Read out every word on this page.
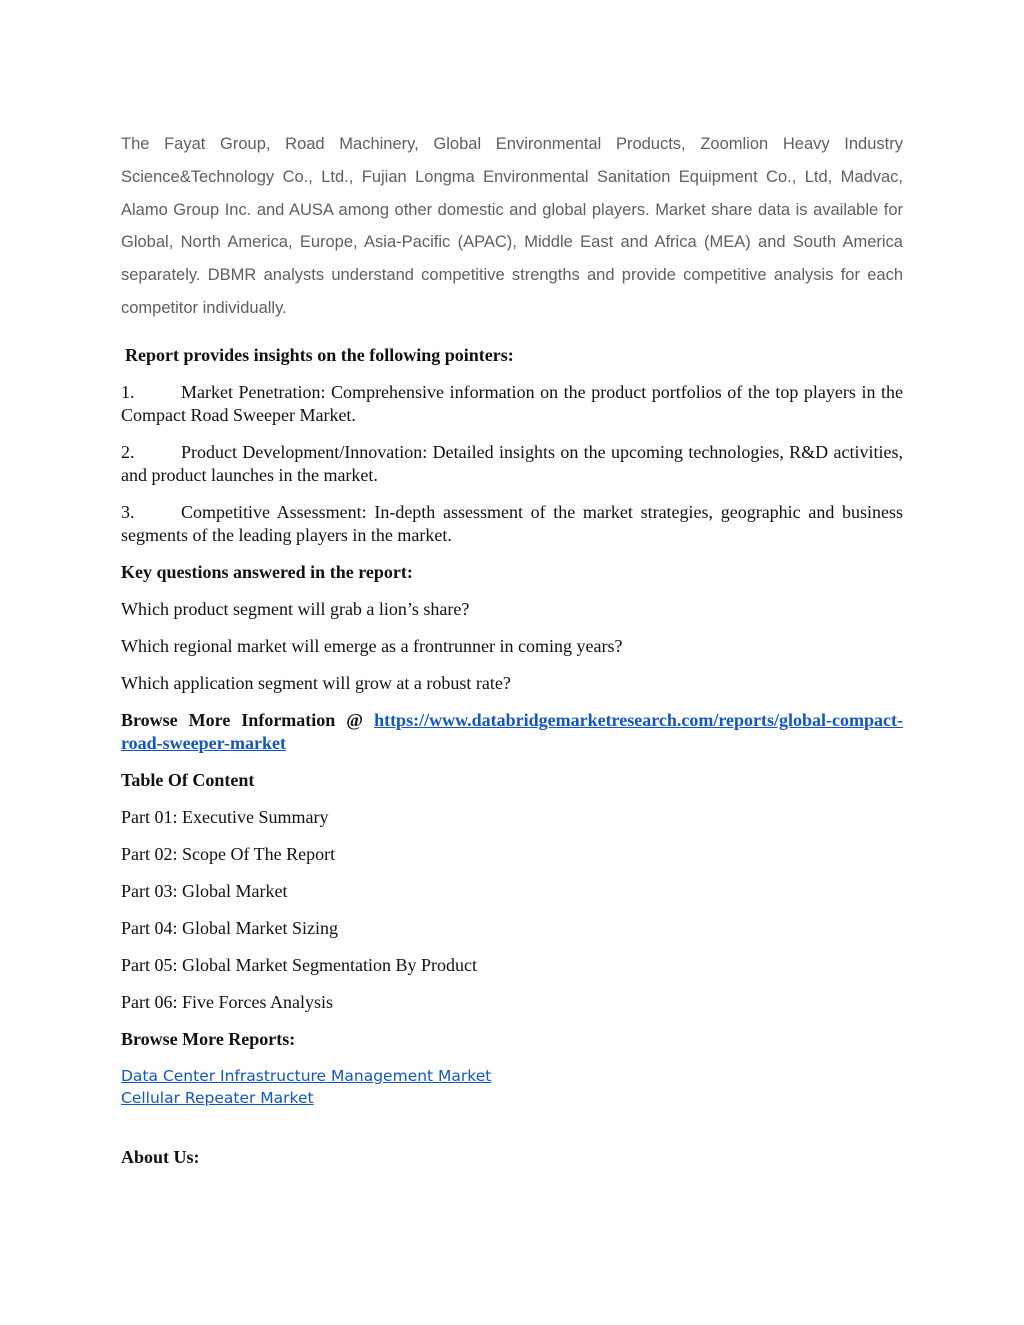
The Fayat Group, Road Machinery, Global Environmental Products, Zoomlion Heavy Industry Science&Technology Co., Ltd., Fujian Longma Environmental Sanitation Equipment Co., Ltd, Madvac, Alamo Group Inc. and AUSA among other domestic and global players. Market share data is available for Global, North America, Europe, Asia-Pacific (APAC), Middle East and Africa (MEA) and South America separately. DBMR analysts understand competitive strengths and provide competitive analysis for each competitor individually.

Report provides insights on the following pointers:

1.	Market Penetration: Comprehensive information on the product portfolios of the top players in the Compact Road Sweeper Market.

2.	Product Development/Innovation: Detailed insights on the upcoming technologies, R&D activities, and product launches in the market.

3.	Competitive Assessment: In-depth assessment of the market strategies, geographic and business segments of the leading players in the market.

Key questions answered in the report:

Which product segment will grab a lion’s share?

Which regional market will emerge as a frontrunner in coming years?

Which application segment will grow at a robust rate?

Browse More Information @ https://www.databridgemarketresearch.com/reports/global-compact-road-sweeper-market

Table Of Content

Part 01: Executive Summary

Part 02: Scope Of The Report

Part 03: Global Market

Part 04: Global Market Sizing

Part 05: Global Market Segmentation By Product

Part 06: Five Forces Analysis

Browse More Reports:

Data Center Infrastructure Management Market
Cellular Repeater Market

About Us:
